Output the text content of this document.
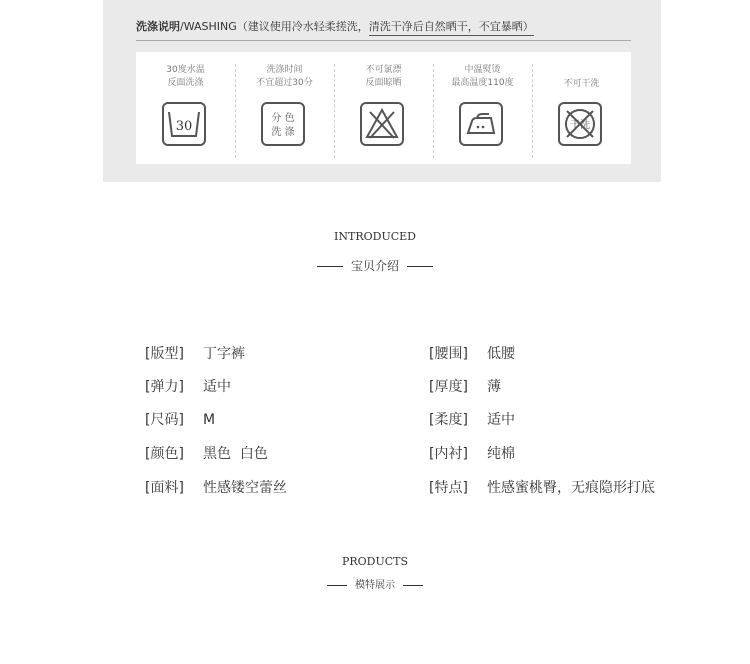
洗涤说明/WASHING（建议使用冷水轻柔搓洗，清洗干净后自然晒干，不宜暴晒）
30度水温
反面洗涤
30
洗涤时间
不宜超过30分
分 色
洗 涤
不可氯漂
反面晾晒
中温熨烫
最高温度110度	不可干洗
干洗
INTRODUCED
宝贝介绍
[版型] 丁字裤
[弹力] 适中
[尺码] M
[颜色] 黑色  白色
[面料] 性感镂空蕾丝
[腰围] 低腰
[厚度] 薄
[柔度] 适中
[内衬] 纯棉
[特点] 性感蜜桃臀，无痕隐形打底
PRODUCTS
模特展示
